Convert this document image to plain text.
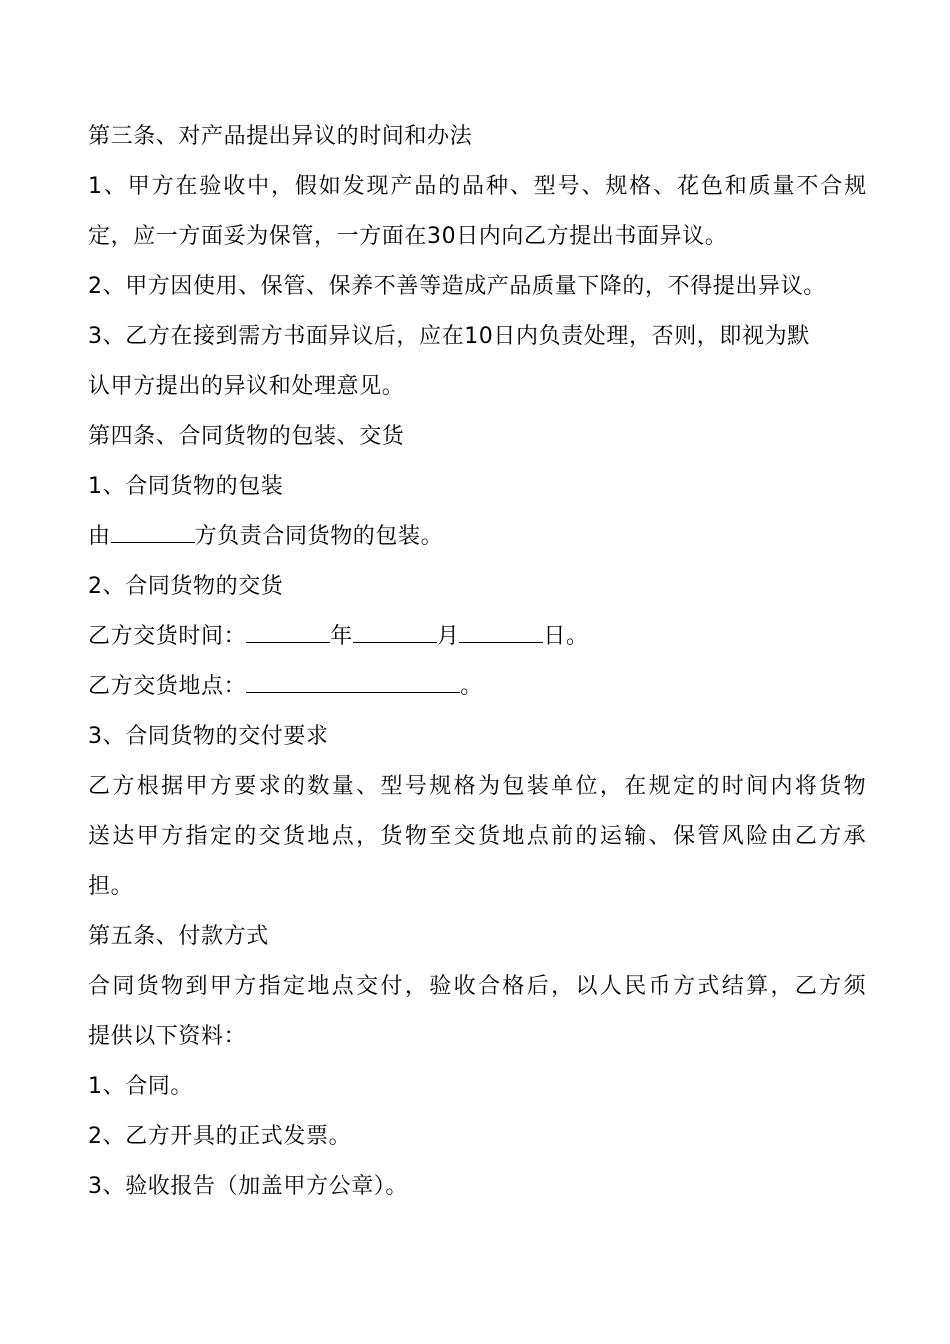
第三条、对产品提出异议的时间和办法
1、甲方在验收中，假如发现产品的品种、型号、规格、花色和质量不合规
定，应一方面妥为保管，一方面在30日内向乙方提出书面异议。
2、甲方因使用、保管、保养不善等造成产品质量下降的，不得提出异议。
3、乙方在接到需方书面异议后，应在10日内负责处理，否则，即视为默
认甲方提出的异议和处理意见。
第四条、合同货物的包装、交货
1、合同货物的包装
由	方负责合同货物的包装。
2、合同货物的交货
乙方交货时间：	年	月	日。
乙方交货地点：	。
3、合同货物的交付要求
乙方根据甲方要求的数量、型号规格为包装单位，在规定的时间内将货物
送达甲方指定的交货地点，货物至交货地点前的运输、保管风险由乙方承
担。
第五条、付款方式
合同货物到甲方指定地点交付，验收合格后，以人民币方式结算，乙方须
提供以下资料：
1、合同。
2、乙方开具的正式发票。
3、验收报告（加盖甲方公章）。
